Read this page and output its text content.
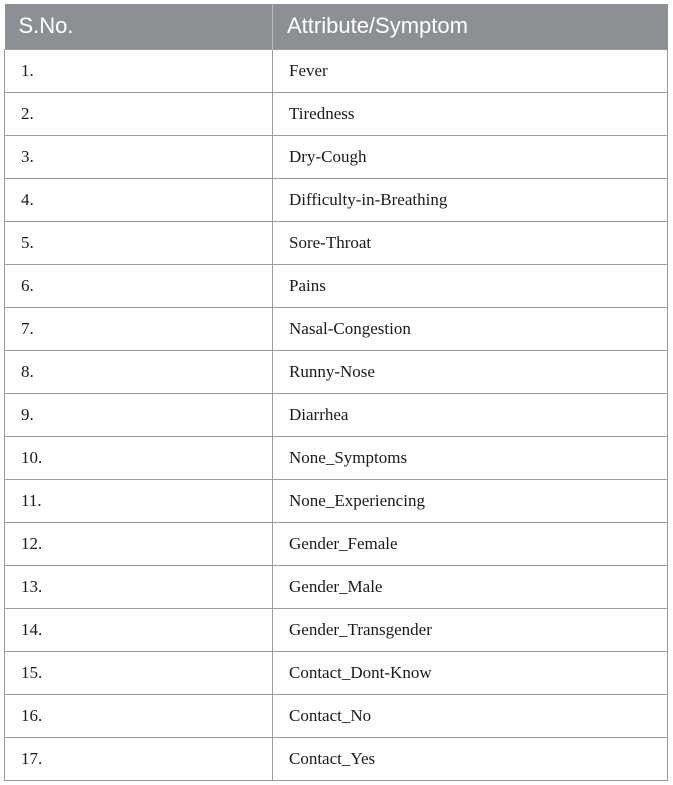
S.No.	Attribute/Symptom
1.	Fever
2.	Tiredness
3.	Dry-Cough
4.	Difficulty-in-Breathing
5.	Sore-Throat
6.	Pains
7.	Nasal-Congestion
8.	Runny-Nose
9.	Diarrhea
10.	None_Symptoms
11.	None_Experiencing
12.	Gender_Female
13.	Gender_Male
14.	Gender_Transgender
15.	Contact_Dont-Know
16.	Contact_No
17.	Contact_Yes
